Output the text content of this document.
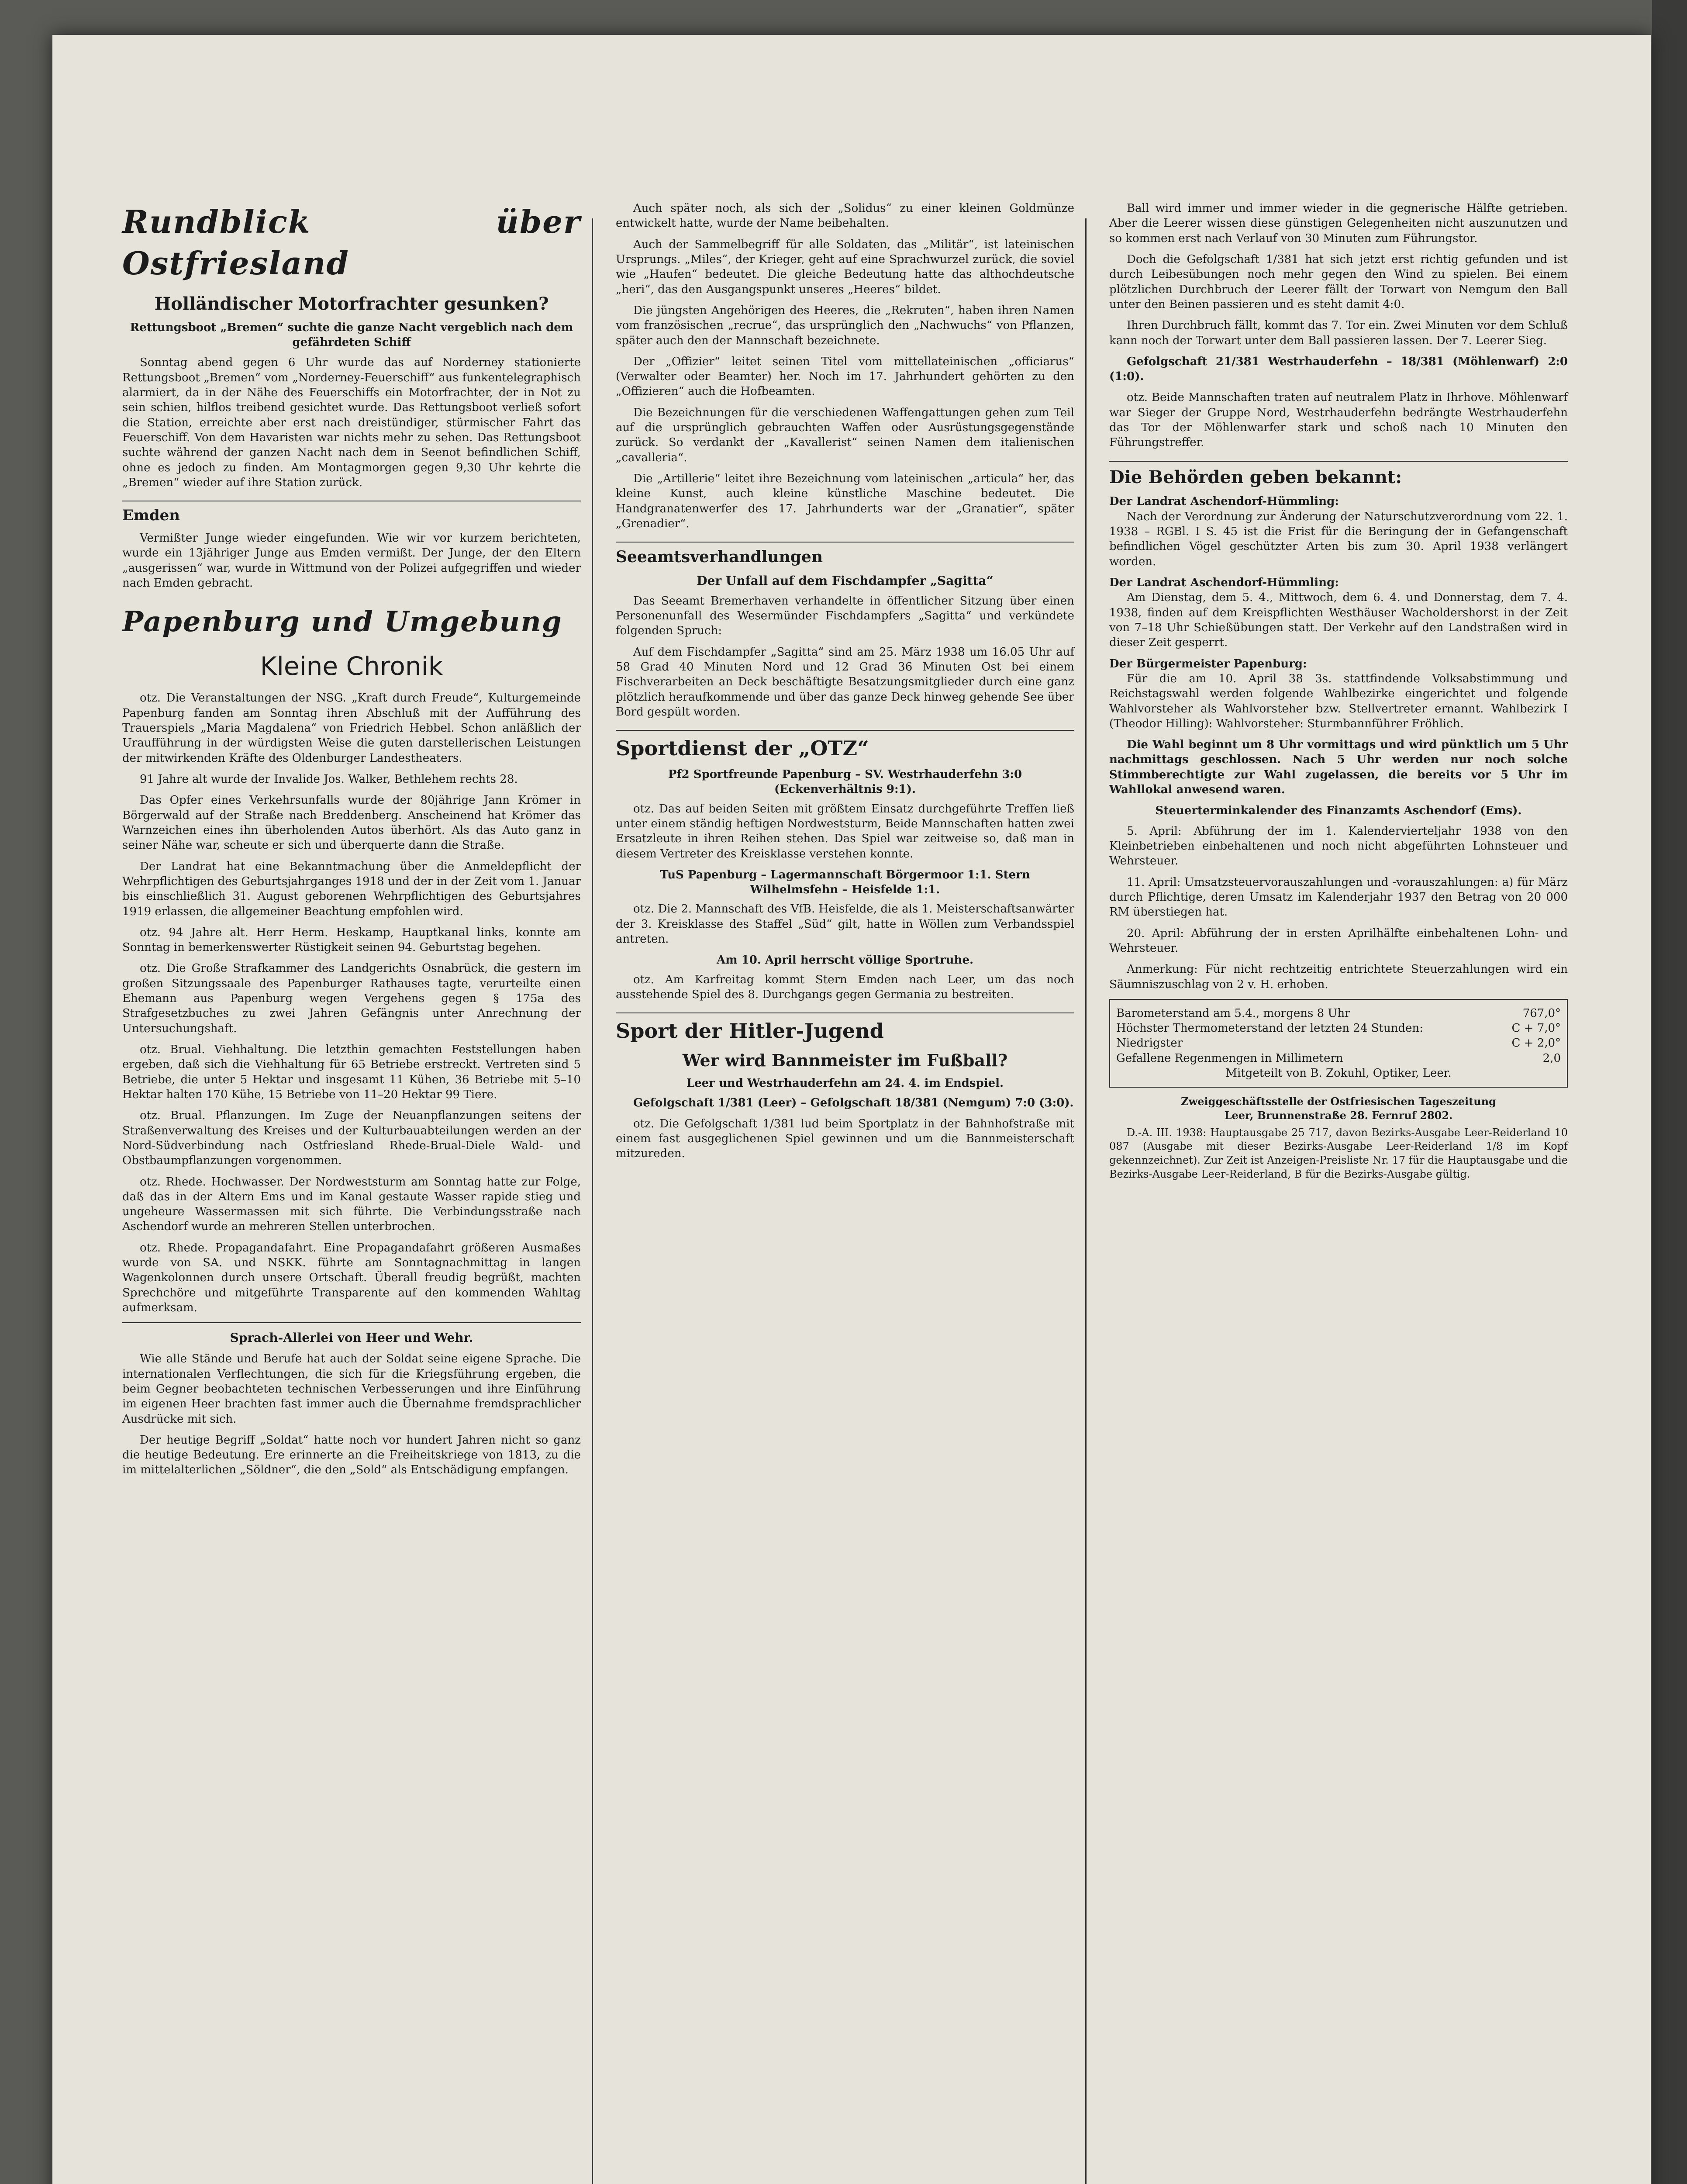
Rundblick über Ostfriesland
Holländischer Motorfrachter gesunken?
Rettungsboot „Bremen“ suchte die ganze Nacht vergeblich nach dem gefährdeten Schiff

Sonntag abend gegen 6 Uhr wurde das auf Norderney stationierte Rettungsboot „Bremen“ vom „Norderney-Feuerschiff“ aus funkentelegraphisch alarmiert, da in der Nähe des Feuerschiffs ein Motorfrachter, der in Not zu sein schien, hilflos treibend gesichtet wurde. Das Rettungsboot verließ sofort die Station, erreichte aber erst nach dreistündiger, stürmischer Fahrt das Feuerschiff. Von dem Havaristen war nichts mehr zu sehen. Das Rettungsboot suchte während der ganzen Nacht nach dem in Seenot befindlichen Schiff, ohne es jedoch zu finden. Am Montagmorgen gegen 9,30 Uhr kehrte die „Bremen“ wieder auf ihre Station zurück.

Emden

Vermißter Junge wieder eingefunden. Wie wir vor kurzem berichteten, wurde ein 13jähriger Junge aus Emden vermißt. Der Junge, der den Eltern „ausgerissen“ war, wurde in Wittmund von der Polizei aufgegriffen und wieder nach Emden gebracht.

Papenburg und Umgebung
Kleine Chronik

otz. Die Veranstaltungen der NSG. „Kraft durch Freude“, Kulturgemeinde Papenburg fanden am Sonntag ihren Abschluß mit der Aufführung des Trauerspiels „Maria Magdalena“ von Friedrich Hebbel. Schon anläßlich der Uraufführung in der würdigsten Weise die guten darstellerischen Leistungen der mitwirkenden Kräfte des Oldenburger Landestheaters.

91 Jahre alt wurde der Invalide Jos. Walker, Bethlehem rechts 28.

Das Opfer eines Verkehrsunfalls wurde der 80jährige Jann Krömer in Börgerwald auf der Straße nach Breddenberg. Anscheinend hat Krömer das Warnzeichen eines ihn überholenden Autos überhört. Als das Auto ganz in seiner Nähe war, scheute er sich und überquerte dann die Straße.

Der Landrat hat eine Bekanntmachung über die Anmeldepflicht der Wehrpflichtigen des Geburtsjahrganges 1918 und der in der Zeit vom 1. Januar bis einschließlich 31. August geborenen Wehrpflichtigen des Geburtsjahres 1919 erlassen, die allgemeiner Beachtung empfohlen wird.

otz. 94 Jahre alt. Herr Herm. Heskamp, Hauptkanal links, konnte am Sonntag in bemerkenswerter Rüstigkeit seinen 94. Geburtstag begehen.

otz. Die Große Strafkammer des Landgerichts Osnabrück, die gestern im großen Sitzungssaale des Papenburger Rathauses tagte, verurteilte einen Ehemann aus Papenburg wegen Vergehens gegen § 175a des Strafgesetzbuches zu zwei Jahren Gefängnis unter Anrechnung der Untersuchungshaft.

otz. Brual. Viehhaltung. Die letzthin gemachten Feststellungen haben ergeben, daß sich die Viehhaltung für 65 Betriebe erstreckt. Vertreten sind 5 Betriebe, die unter 5 Hektar und insgesamt 11 Kühen, 36 Betriebe mit 5–10 Hektar halten 170 Kühe, 15 Betriebe von 11–20 Hektar 99 Tiere.

otz. Brual. Pflanzungen. Im Zuge der Neuanpflanzungen seitens der Straßenverwaltung des Kreises und der Kulturbauabteilungen werden an der Nord-Südverbindung nach Ostfriesland Rhede-Brual-Diele Wald- und Obstbaumpflanzungen vorgenommen.

otz. Rhede. Hochwasser. Der Nordweststurm am Sonntag hatte zur Folge, daß das in der Altern Ems und im Kanal gestaute Wasser rapide stieg und ungeheure Wassermassen mit sich führte. Die Verbindungsstraße nach Aschendorf wurde an mehreren Stellen unterbrochen.

otz. Rhede. Propagandafahrt. Eine Propagandafahrt größeren Ausmaßes wurde von SA. und NSKK. führte am Sonntagnachmittag in langen Wagenkolonnen durch unsere Ortschaft. Überall freudig begrüßt, machten Sprechchöre und mitgeführte Transparente auf den kommenden Wahltag aufmerksam.

Sprach-Allerlei von Heer und Wehr.

Wie alle Stände und Berufe hat auch der Soldat seine eigene Sprache. Die internationalen Verflechtungen, die sich für die Kriegsführung ergeben, die beim Gegner beobachteten technischen Verbesserungen und ihre Einführung im eigenen Heer brachten fast immer auch die Übernahme fremdsprachlicher Ausdrücke mit sich.

Der heutige Begriff „Soldat“ hatte noch vor hundert Jahren nicht so ganz die heutige Bedeutung. Ere erinnerte an die Freiheitskriege von 1813, zu die im mittelalterlichen „Söldner“, die den „Sold“ als Entschädigung empfangen.

Auch später noch, als sich der „Solidus“ zu einer kleinen Goldmünze entwickelt hatte, wurde der Name beibehalten.

Auch der Sammelbegriff für alle Soldaten, das „Militär“, ist lateinischen Ursprungs. „Miles“, der Krieger, geht auf eine Sprachwurzel zurück, die soviel wie „Haufen“ bedeutet. Die gleiche Bedeutung hatte das althochdeutsche „heri“, das den Ausgangspunkt unseres „Heeres“ bildet.

Die jüngsten Angehörigen des Heeres, die „Rekruten“, haben ihren Namen vom französischen „recrue“, das ursprünglich den „Nachwuchs“ von Pflanzen, später auch den der Mannschaft bezeichnete.

Der „Offizier“ leitet seinen Titel vom mittellateinischen „officiarus“ (Verwalter oder Beamter) her. Noch im 17. Jahrhundert gehörten zu den „Offizieren“ auch die Hofbeamten.

Die Bezeichnungen für die verschiedenen Waffengattungen gehen zum Teil auf die ursprünglich gebrauchten Waffen oder Ausrüstungsgegenstände zurück. So verdankt der „Kavallerist“ seinen Namen dem italienischen „cavalleria“.

Die „Artillerie“ leitet ihre Bezeichnung vom lateinischen „articula“ her, das kleine Kunst, auch kleine künstliche Maschine bedeutet. Die Handgranatenwerfer des 17. Jahrhunderts war der „Granatier“, später „Grenadier“.

Seeamtsverhandlungen
Der Unfall auf dem Fischdampfer „Sagitta“

Das Seeamt Bremerhaven verhandelte in öffentlicher Sitzung über einen Personenunfall des Wesermünder Fischdampfers „Sagitta“ und verkündete folgenden Spruch:

Auf dem Fischdampfer „Sagitta“ sind am 25. März 1938 um 16.05 Uhr auf 58 Grad 40 Minuten Nord und 12 Grad 36 Minuten Ost bei einem Fischverarbeiten an Deck beschäftigte Besatzungsmitglieder durch eine ganz plötzlich heraufkommende und über das ganze Deck hinweg gehende See über Bord gespült worden.

Sportdienst der „OTZ“
Pf2 Sportfreunde Papenburg – SV. Westrhauderfehn 3:0 (Eckenverhältnis 9:1).

otz. Das auf beiden Seiten mit größtem Einsatz durchgeführte Treffen ließ unter einem ständig heftigen Nordweststurm, Beide Mannschaften hatten zwei Ersatzleute in ihren Reihen stehen. Das Spiel war zeitweise so, daß man in diesem Vertreter des Kreisklasse verstehen konnte.

TuS Papenburg – Lagermannschaft Börgermoor 1:1. Stern Wilhelmsfehn – Heisfelde 1:1.

otz. Die 2. Mannschaft des VfB. Heisfelde, die als 1. Meisterschaftsanwärter der 3. Kreisklasse des Staffel „Süd“ gilt, hatte in Wöllen zum Verbandsspiel antreten.

Am 10. April herrscht völlige Sportruhe.

otz. Am Karfreitag kommt Stern Emden nach Leer, um das noch ausstehende Spiel des 8. Durchgangs gegen Germania zu bestreiten.

Sport der Hitler-Jugend
Wer wird Bannmeister im Fußball?
Leer und Westrhauderfehn am 24. 4. im Endspiel.

Gefolgschaft 1/381 (Leer) – Gefolgschaft 18/381 (Nemgum) 7:0 (3:0).

otz. Die Gefolgschaft 1/381 lud beim Sportplatz in der Bahnhofstraße mit einem fast ausgeglichenen Spiel gewinnen und um die Bannmeisterschaft mitzureden.

Ball wird immer und immer wieder in die gegnerische Hälfte getrieben. Aber die Leerer wissen diese günstigen Gelegenheiten nicht auszunutzen und so kommen erst nach Verlauf von 30 Minuten zum Führungstor.

Doch die Gefolgschaft 1/381 hat sich jetzt erst richtig gefunden und ist durch Leibesübungen noch mehr gegen den Wind zu spielen. Bei einem plötzlichen Durchbruch der Leerer fällt der Torwart von Nemgum den Ball unter den Beinen passieren und es steht damit 4:0.

Ihren Durchbruch fällt, kommt das 7. Tor ein. Zwei Minuten vor dem Schluß kann noch der Torwart unter dem Ball passieren lassen. Der 7. Leerer Sieg.

Gefolgschaft 21/381 Westrhauderfehn – 18/381 (Möhlenwarf) 2:0 (1:0).

otz. Beide Mannschaften traten auf neutralem Platz in Ihrhove. Möhlenwarf war Sieger der Gruppe Nord, Westrhauderfehn bedrängte Westrhauderfehn das Tor der Möhlenwarfer stark und schoß nach 10 Minuten den Führungstreffer.

Die Behörden geben bekannt:
Der Landrat Aschendorf-Hümmling:

Nach der Verordnung zur Änderung der Naturschutzverordnung vom 22. 1. 1938 – RGBl. I S. 45 ist die Frist für die Beringung der in Gefangenschaft befindlichen Vögel geschützter Arten bis zum 30. April 1938 verlängert worden.

Der Landrat Aschendorf-Hümmling:

Am Dienstag, dem 5. 4., Mittwoch, dem 6. 4. und Donnerstag, dem 7. 4. 1938, finden auf dem Kreispflichten Westhäuser Wacholdershorst in der Zeit von 7–18 Uhr Schießübungen statt. Der Verkehr auf den Landstraßen wird in dieser Zeit gesperrt.

Der Bürgermeister Papenburg:

Für die am 10. April 38 3s. stattfindende Volksabstimmung und Reichstagswahl werden folgende Wahlbezirke eingerichtet und folgende Wahlvorsteher als Wahlvorsteher bzw. Stellvertreter ernannt. Wahlbezirk I (Theodor Hilling): Wahlvorsteher: Sturmbannführer Fröhlich.

Die Wahl beginnt um 8 Uhr vormittags und wird pünktlich um 5 Uhr nachmittags geschlossen. Nach 5 Uhr werden nur noch solche Stimmberechtigte zur Wahl zugelassen, die bereits vor 5 Uhr im Wahllokal anwesend waren.

Steuerterminkalender des Finanzamts Aschendorf (Ems).

5. April: Abführung der im 1. Kalendervierteljahr 1938 von den Kleinbetrieben einbehaltenen und noch nicht abgeführten Lohnsteuer und Wehrsteuer.

11. April: Umsatzsteuervorauszahlungen und -vorauszahlungen: a) für März durch Pflichtige, deren Umsatz im Kalenderjahr 1937 den Betrag von 20 000 RM überstiegen hat.

20. April: Abführung der in ersten Aprilhälfte einbehaltenen Lohn- und Wehrsteuer.

Anmerkung: Für nicht rechtzeitig entrichtete Steuerzahlungen wird ein Säumniszuschlag von 2 v. H. erhoben.

Barometerstand am 5.4., morgens 8 Uhr	767,0°
Höchster Thermometerstand der letzten 24 Stunden:	C + 7,0°
Niedrigster	C + 2,0°
Gefallene Regenmengen in Millimetern	2,0
Mitgeteilt von B. Zokuhl, Optiker, Leer.
Zweiggeschäftsstelle der Ostfriesischen Tageszeitung
Leer, Brunnenstraße 28. Fernruf 2802.

D.-A. III. 1938: Hauptausgabe 25 717, davon Bezirks-Ausgabe Leer-Reiderland 10 087 (Ausgabe mit dieser Bezirks-Ausgabe Leer-Reiderland 1/8 im Kopf gekennzeichnet). Zur Zeit ist Anzeigen-Preisliste Nr. 17 für die Hauptausgabe und die Bezirks-Ausgabe Leer-Reiderland, B für die Bezirks-Ausgabe gültig.
